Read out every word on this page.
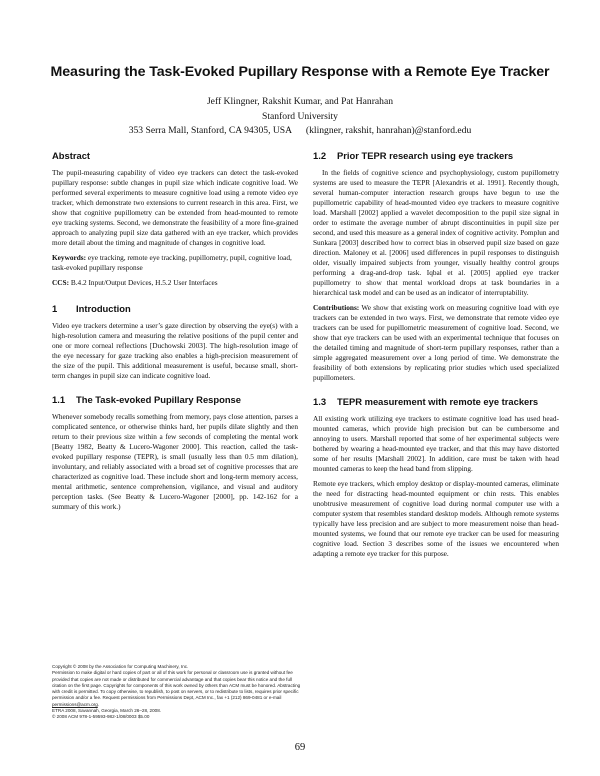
Measuring the Task-Evoked Pupillary Response with a Remote Eye Tracker
Jeff Klingner, Rakshit Kumar, and Pat Hanrahan
Stanford University
353 Serra Mall, Stanford, CA 94305, USA      (klingner, rakshit, hanrahan)@stanford.edu
Abstract

The pupil-measuring capability of video eye trackers can detect the task-evoked pupillary response: subtle changes in pupil size which indicate cognitive load. We performed several experiments to measure cognitive load using a remote video eye tracker, which demonstrate two extensions to current research in this area. First, we show that cognitive pupillometry can be extended from head-mounted to remote eye tracking systems. Second, we demonstrate the feasibility of a more fine-grained approach to analyzing pupil size data gathered with an eye tracker, which provides more detail about the timing and magnitude of changes in cognitive load.

Keywords: eye tracking, remote eye tracking, pupillometry, pupil, cognitive load, task-evoked pupillary response
CCS: B.4.2 Input/Output Devices, H.5.2 User Interfaces
1 Introduction

Video eye trackers determine a user’s gaze direction by observing the eye(s) with a high-resolution camera and measuring the relative positions of the pupil center and one or more corneal reflections [Duchowski 2003]. The high-resolution image of the eye necessary for gaze tracking also enables a high-precision measurement of the size of the pupil. This additional measurement is useful, because small, short-term changes in pupil size can indicate cognitive load.

1.1 The Task-evoked Pupillary Response

Whenever somebody recalls something from memory, pays close attention, parses a complicated sentence, or otherwise thinks hard, her pupils dilate slightly and then return to their previous size within a few seconds of completing the mental work [Beatty 1982, Beatty & Lucero-Wagoner 2000]. This reaction, called the task-evoked pupillary response (TEPR), is small (usually less than 0.5 mm dilation), involuntary, and reliably associated with a broad set of cognitive processes that are characterized as cognitive load. These include short and long-term memory access, mental arithmetic, sentence comprehension, vigilance, and visual and auditory perception tasks. (See Beatty & Lucero-Wagoner [2000], pp. 142-162 for a summary of this work.)

1.2 Prior TEPR research using eye trackers

In the fields of cognitive science and psychophysiology, custom pupillometry systems are used to measure the TEPR [Alexandris et al. 1991]. Recently though, several human-computer interaction research groups have begun to use the pupillometric capability of head-mounted video eye trackers to measure cognitive load. Marshall [2002] applied a wavelet decomposition to the pupil size signal in order to estimate the average number of abrupt discontinuities in pupil size per second, and used this measure as a general index of cognitive activity. Pomplun and Sunkara [2003] described how to correct bias in observed pupil size based on gaze direction. Maloney et al. [2006] used differences in pupil responses to distinguish older, visually impaired subjects from younger, visually healthy control groups performing a drag-and-drop task. Iqbal et al. [2005] applied eye tracker pupillometry to show that mental workload drops at task boundaries in a hierarchical task model and can be used as an indicator of interruptability.

Contributions: We show that existing work on measuring cognitive load with eye trackers can be extended in two ways. First, we demonstrate that remote video eye trackers can be used for pupillometric measurement of cognitive load. Second, we show that eye trackers can be used with an experimental technique that focuses on the detailed timing and magnitude of short-term pupillary responses, rather than a simple aggregated measurement over a long period of time. We demonstrate the feasibility of both extensions by replicating prior studies which used specialized pupillometers.

1.3 TEPR measurement with remote eye trackers

All existing work utilizing eye trackers to estimate cognitive load has used head-mounted cameras, which provide high precision but can be cumbersome and annoying to users. Marshall reported that some of her experimental subjects were bothered by wearing a head-mounted eye tracker, and that this may have distorted some of her results [Marshall 2002]. In addition, care must be taken with head mounted cameras to keep the head band from slipping.

Remote eye trackers, which employ desktop or display-mounted cameras, eliminate the need for distracting head-mounted equipment or chin rests. This enables unobtrusive measurement of cognitive load during normal computer use with a computer system that resembles standard desktop models. Although remote systems typically have less precision and are subject to more measurement noise than head-mounted systems, we found that our remote eye tracker can be used for measuring cognitive load. Section 3 describes some of the issues we encountered when adapting a remote eye tracker for this purpose.

Copyright © 2008 by the Association for Computing Machinery, Inc.
Permission to make digital or hard copies of part or all of this work for personal or classroom use is granted without fee provided that copies are not made or distributed for commercial advantage and that copies bear this notice and the full citation on the first page. Copyrights for components of this work owned by others than ACM must be honored. Abstracting with credit is permitted. To copy otherwise, to republish, to post on servers, or to redistribute to lists, requires prior specific permission and/or a fee. Request permissions from Permissions Dept, ACM Inc., fax +1 (212) 869-0481 or e-mail permissions@acm.org.
ETRA 2008, Savannah, Georgia, March 26–28, 2008.
© 2008 ACM 978-1-59593-982-1/08/0003 $5.00
69
